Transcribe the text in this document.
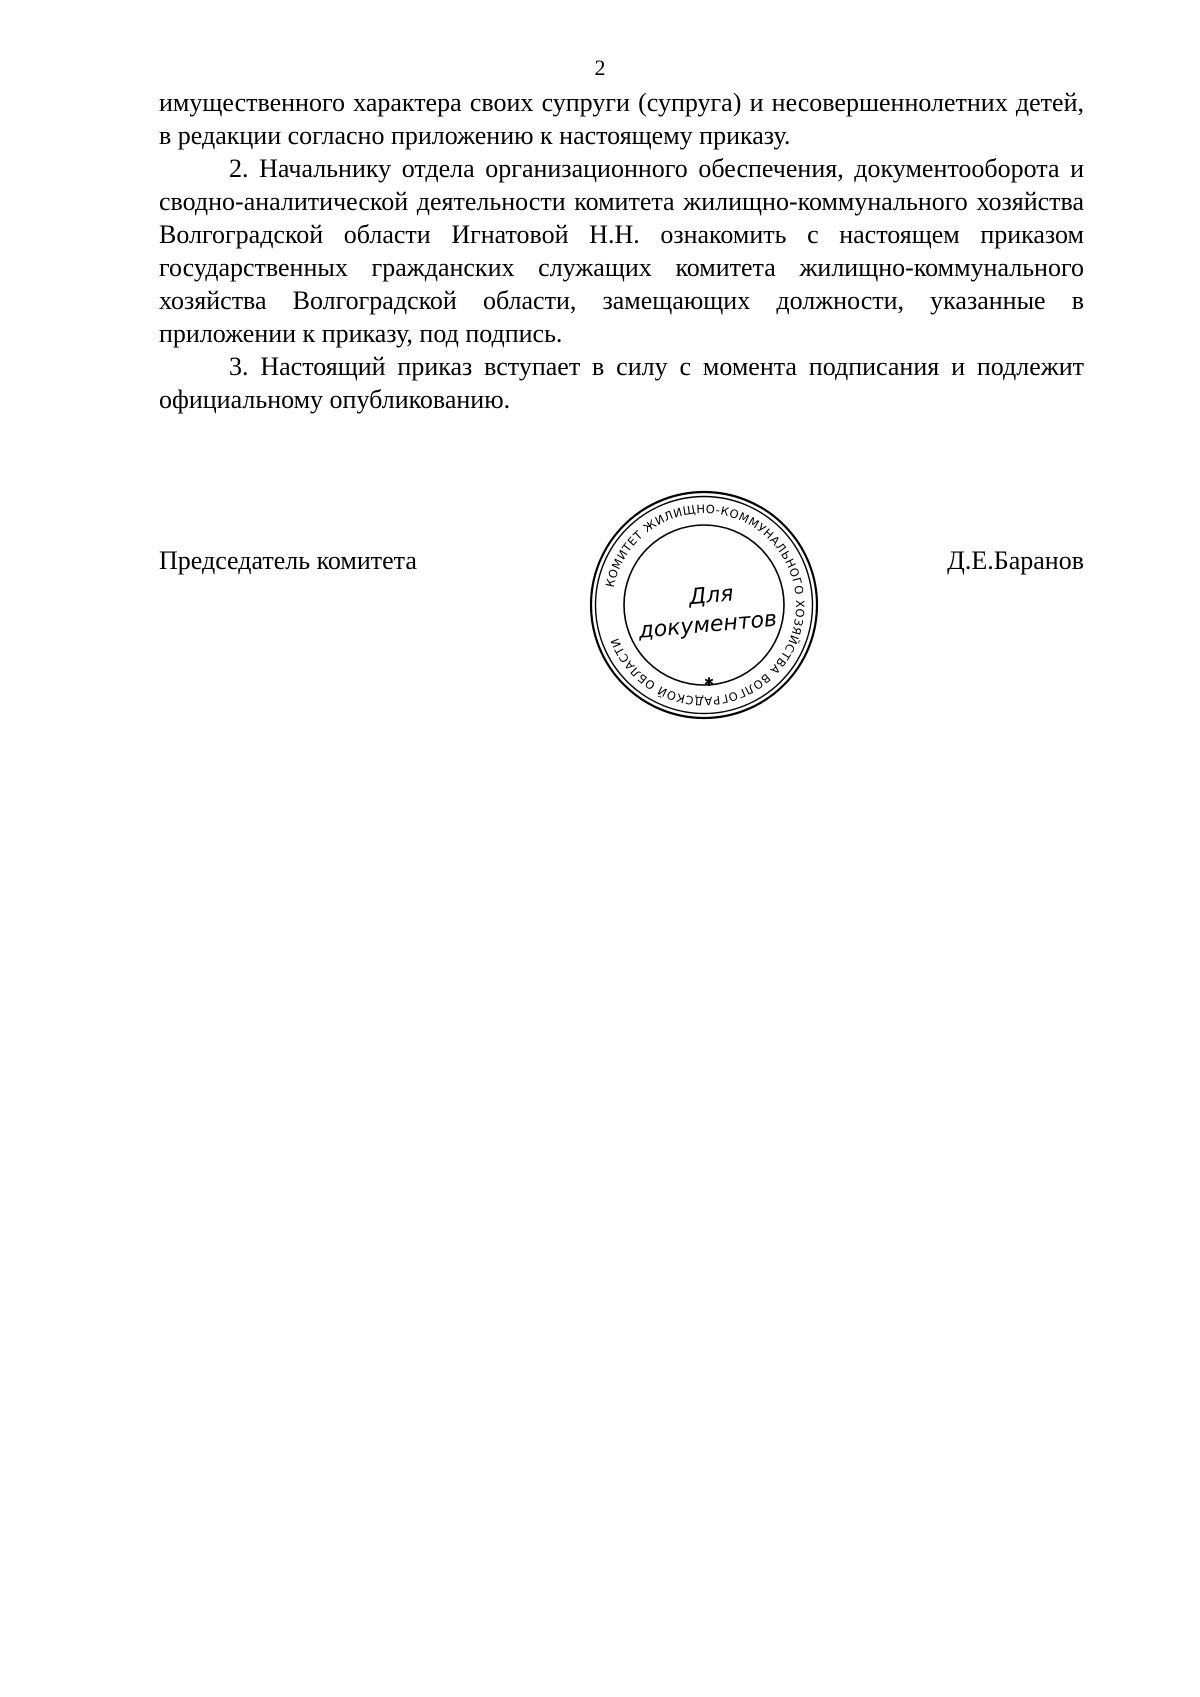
2

имущественного характера своих супруги (супруга) и несовершеннолетних детей, в редакции согласно приложению к настоящему приказу.

2. Начальнику отдела организационного обеспечения, документооборота и сводно-аналитической деятельности комитета жилищно-коммунального хозяйства Волгоградской области Игнатовой Н.Н. ознакомить с настоящем приказом государственных гражданских служащих комитета жилищно-коммунального хозяйства Волгоградской области, замещающих должности, указанные в приложении к приказу, под подпись.

3. Настоящий приказ вступает в силу с момента подписания и подлежит официальному опубликованию.

Председатель комитета
КОМИТЕТ ЖИЛИЩНО-КОММУНАЛЬНОГО ХОЗЯЙСТВА ВОЛГОГРАДСКОЙ ОБЛАСТИ
✱
Для
документов
Д.Е.Баранов
